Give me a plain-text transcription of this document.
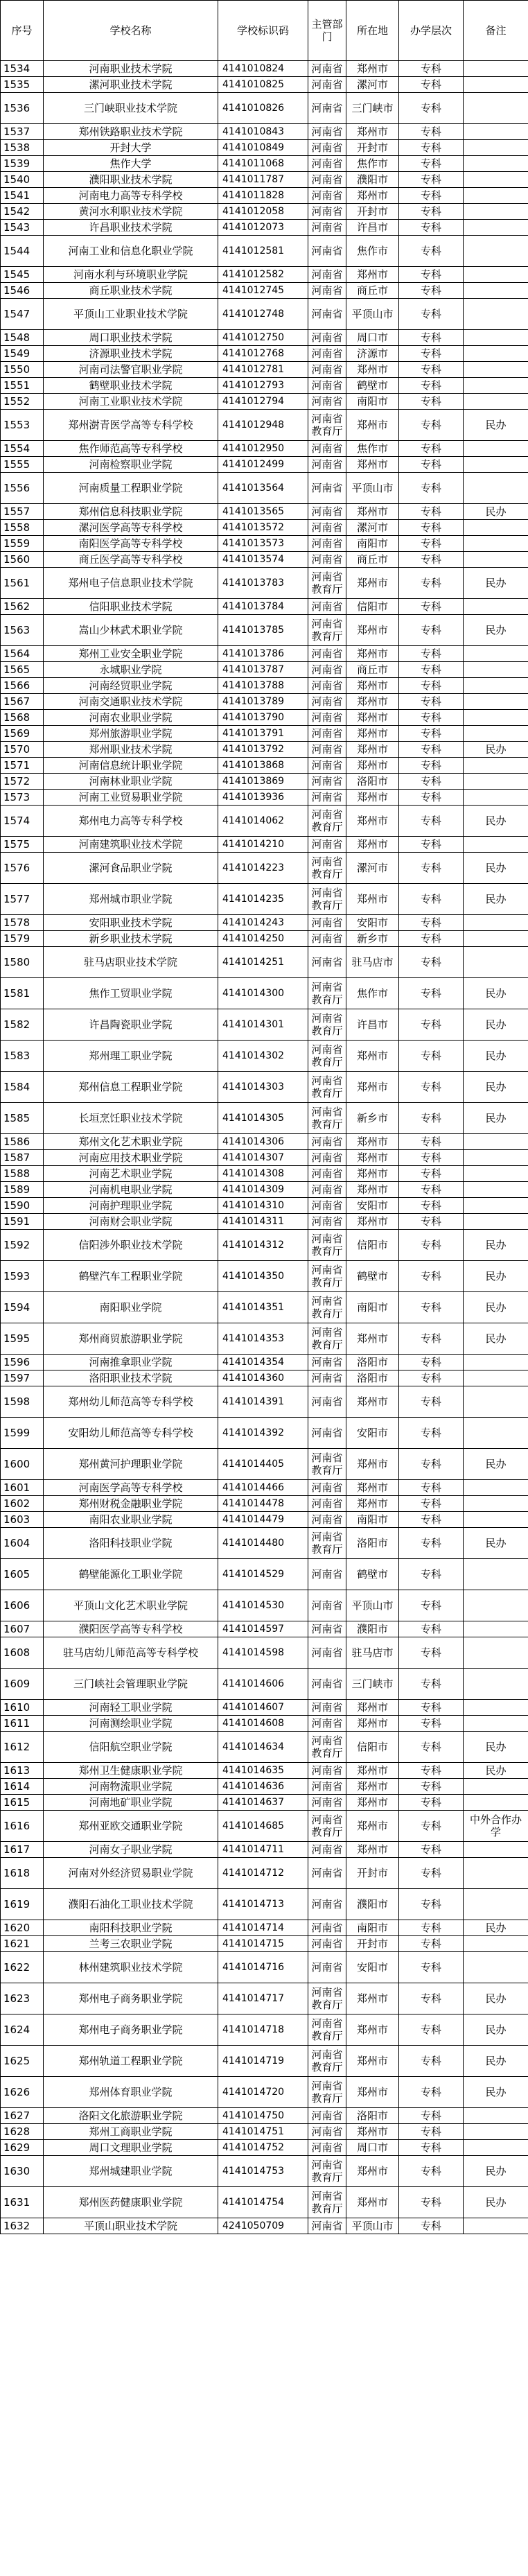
序号	学校名称	学校标识码	主管部门	所在地	办学层次	备注
1534	河南职业技术学院	4141010824	河南省	郑州市	专科	
1535	漯河职业技术学院	4141010825	河南省	漯河市	专科	
1536	三门峡职业技术学院	4141010826	河南省	三门峡市	专科	
1537	郑州铁路职业技术学院	4141010843	河南省	郑州市	专科	
1538	开封大学	4141010849	河南省	开封市	专科	
1539	焦作大学	4141011068	河南省	焦作市	专科	
1540	濮阳职业技术学院	4141011787	河南省	濮阳市	专科	
1541	河南电力高等专科学校	4141011828	河南省	郑州市	专科	
1542	黄河水利职业技术学院	4141012058	河南省	开封市	专科	
1543	许昌职业技术学院	4141012073	河南省	许昌市	专科	
1544	河南工业和信息化职业学院	4141012581	河南省	焦作市	专科	
1545	河南水利与环境职业学院	4141012582	河南省	郑州市	专科	
1546	商丘职业技术学院	4141012745	河南省	商丘市	专科	
1547	平顶山工业职业技术学院	4141012748	河南省	平顶山市	专科	
1548	周口职业技术学院	4141012750	河南省	周口市	专科	
1549	济源职业技术学院	4141012768	河南省	济源市	专科	
1550	河南司法警官职业学院	4141012781	河南省	郑州市	专科	
1551	鹤壁职业技术学院	4141012793	河南省	鹤壁市	专科	
1552	河南工业职业技术学院	4141012794	河南省	南阳市	专科	
1553	郑州澍青医学高等专科学校	4141012948	河南省教育厅	郑州市	专科	民办
1554	焦作师范高等专科学校	4141012950	河南省	焦作市	专科	
1555	河南检察职业学院	4141012499	河南省	郑州市	专科	
1556	河南质量工程职业学院	4141013564	河南省	平顶山市	专科	
1557	郑州信息科技职业学院	4141013565	河南省	郑州市	专科	民办
1558	漯河医学高等专科学校	4141013572	河南省	漯河市	专科	
1559	南阳医学高等专科学校	4141013573	河南省	南阳市	专科	
1560	商丘医学高等专科学校	4141013574	河南省	商丘市	专科	
1561	郑州电子信息职业技术学院	4141013783	河南省教育厅	郑州市	专科	民办
1562	信阳职业技术学院	4141013784	河南省	信阳市	专科	
1563	嵩山少林武术职业学院	4141013785	河南省教育厅	郑州市	专科	民办
1564	郑州工业安全职业学院	4141013786	河南省	郑州市	专科	
1565	永城职业学院	4141013787	河南省	商丘市	专科	
1566	河南经贸职业学院	4141013788	河南省	郑州市	专科	
1567	河南交通职业技术学院	4141013789	河南省	郑州市	专科	
1568	河南农业职业学院	4141013790	河南省	郑州市	专科	
1569	郑州旅游职业学院	4141013791	河南省	郑州市	专科	
1570	郑州职业技术学院	4141013792	河南省	郑州市	专科	民办
1571	河南信息统计职业学院	4141013868	河南省	郑州市	专科	
1572	河南林业职业学院	4141013869	河南省	洛阳市	专科	
1573	河南工业贸易职业学院	4141013936	河南省	郑州市	专科	
1574	郑州电力高等专科学校	4141014062	河南省教育厅	郑州市	专科	民办
1575	河南建筑职业技术学院	4141014210	河南省	郑州市	专科	
1576	漯河食品职业学院	4141014223	河南省教育厅	漯河市	专科	民办
1577	郑州城市职业学院	4141014235	河南省教育厅	郑州市	专科	民办
1578	安阳职业技术学院	4141014243	河南省	安阳市	专科	
1579	新乡职业技术学院	4141014250	河南省	新乡市	专科	
1580	驻马店职业技术学院	4141014251	河南省	驻马店市	专科	
1581	焦作工贸职业学院	4141014300	河南省教育厅	焦作市	专科	民办
1582	许昌陶瓷职业学院	4141014301	河南省教育厅	许昌市	专科	民办
1583	郑州理工职业学院	4141014302	河南省教育厅	郑州市	专科	民办
1584	郑州信息工程职业学院	4141014303	河南省教育厅	郑州市	专科	民办
1585	长垣烹饪职业技术学院	4141014305	河南省教育厅	新乡市	专科	民办
1586	郑州文化艺术职业学院	4141014306	河南省	郑州市	专科	
1587	河南应用技术职业学院	4141014307	河南省	郑州市	专科	
1588	河南艺术职业学院	4141014308	河南省	郑州市	专科	
1589	河南机电职业学院	4141014309	河南省	郑州市	专科	
1590	河南护理职业学院	4141014310	河南省	安阳市	专科	
1591	河南财会职业学院	4141014311	河南省	郑州市	专科	
1592	信阳涉外职业技术学院	4141014312	河南省教育厅	信阳市	专科	民办
1593	鹤壁汽车工程职业学院	4141014350	河南省教育厅	鹤壁市	专科	民办
1594	南阳职业学院	4141014351	河南省教育厅	南阳市	专科	民办
1595	郑州商贸旅游职业学院	4141014353	河南省教育厅	郑州市	专科	民办
1596	河南推拿职业学院	4141014354	河南省	洛阳市	专科	
1597	洛阳职业技术学院	4141014360	河南省	洛阳市	专科	
1598	郑州幼儿师范高等专科学校	4141014391	河南省	郑州市	专科	
1599	安阳幼儿师范高等专科学校	4141014392	河南省	安阳市	专科	
1600	郑州黄河护理职业学院	4141014405	河南省教育厅	郑州市	专科	民办
1601	河南医学高等专科学校	4141014466	河南省	郑州市	专科	
1602	郑州财税金融职业学院	4141014478	河南省	郑州市	专科	
1603	南阳农业职业学院	4141014479	河南省	南阳市	专科	
1604	洛阳科技职业学院	4141014480	河南省教育厅	洛阳市	专科	民办
1605	鹤壁能源化工职业学院	4141014529	河南省	鹤壁市	专科	
1606	平顶山文化艺术职业学院	4141014530	河南省	平顶山市	专科	
1607	濮阳医学高等专科学校	4141014597	河南省	濮阳市	专科	
1608	驻马店幼儿师范高等专科学校	4141014598	河南省	驻马店市	专科	
1609	三门峡社会管理职业学院	4141014606	河南省	三门峡市	专科	
1610	河南轻工职业学院	4141014607	河南省	郑州市	专科	
1611	河南测绘职业学院	4141014608	河南省	郑州市	专科	
1612	信阳航空职业学院	4141014634	河南省教育厅	信阳市	专科	民办
1613	郑州卫生健康职业学院	4141014635	河南省	郑州市	专科	民办
1614	河南物流职业学院	4141014636	河南省	郑州市	专科	
1615	河南地矿职业学院	4141014637	河南省	郑州市	专科	
1616	郑州亚欧交通职业学院	4141014685	河南省教育厅	郑州市	专科	中外合作办学
1617	河南女子职业学院	4141014711	河南省	郑州市	专科	
1618	河南对外经济贸易职业学院	4141014712	河南省	开封市	专科	
1619	濮阳石油化工职业技术学院	4141014713	河南省	濮阳市	专科	
1620	南阳科技职业学院	4141014714	河南省	南阳市	专科	民办
1621	兰考三农职业学院	4141014715	河南省	开封市	专科	
1622	林州建筑职业技术学院	4141014716	河南省	安阳市	专科	
1623	郑州电子商务职业学院	4141014717	河南省教育厅	郑州市	专科	民办
1624	郑州电子商务职业学院	4141014718	河南省教育厅	郑州市	专科	民办
1625	郑州轨道工程职业学院	4141014719	河南省教育厅	郑州市	专科	民办
1626	郑州体育职业学院	4141014720	河南省教育厅	郑州市	专科	民办
1627	洛阳文化旅游职业学院	4141014750	河南省	洛阳市	专科	
1628	郑州工商职业学院	4141014751	河南省	郑州市	专科	
1629	周口文理职业学院	4141014752	河南省	周口市	专科	
1630	郑州城建职业学院	4141014753	河南省教育厅	郑州市	专科	民办
1631	郑州医药健康职业学院	4141014754	河南省教育厅	郑州市	专科	民办
1632	平顶山职业技术学院	4241050709	河南省	平顶山市	专科	
